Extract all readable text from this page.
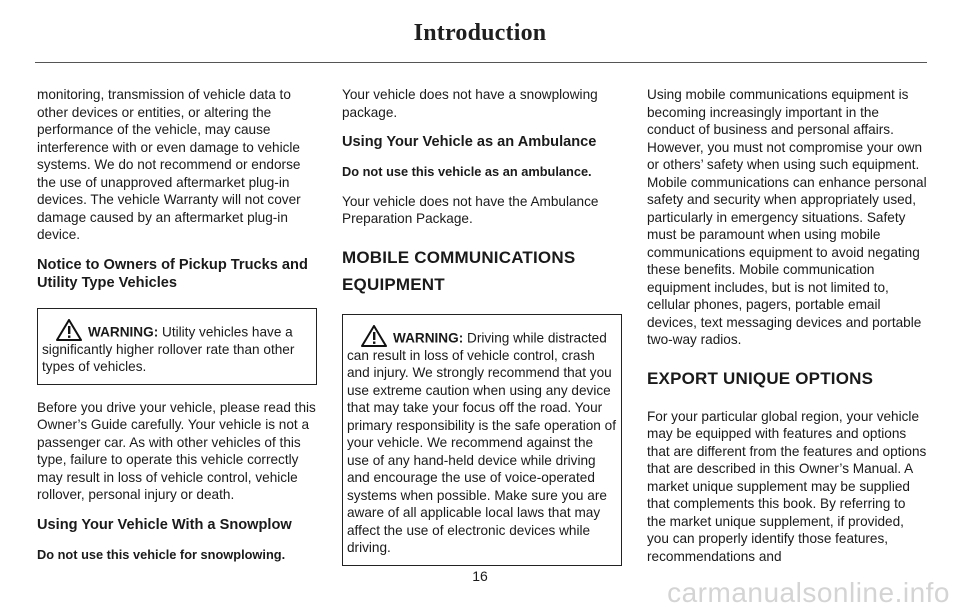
Introduction

monitoring, transmission of vehicle data to other devices or entities, or altering the performance of the vehicle, may cause interference with or even damage to vehicle systems. We do not recommend or endorse the use of unapproved aftermarket plug-in devices. The vehicle Warranty will not cover damage caused by an aftermarket plug-in device.

Notice to Owners of Pickup Trucks and Utility Type Vehicles
WARNING: Utility vehicles have a significantly higher rollover rate than other types of vehicles.

Before you drive your vehicle, please read this Owner’s Guide carefully. Your vehicle is not a passenger car. As with other vehicles of this type, failure to operate this vehicle correctly may result in loss of vehicle control, vehicle rollover, personal injury or death.

Using Your Vehicle With a Snowplow

Do not use this vehicle for snowplowing.

Your vehicle does not have a snowplowing package.

Using Your Vehicle as an Ambulance

Do not use this vehicle as an ambulance.

Your vehicle does not have the Ambulance Preparation Package.

MOBILE COMMUNICATIONS
EQUIPMENT
WARNING: Driving while distracted can result in loss of vehicle control, crash and injury. We strongly recommend that you use extreme caution when using any device that may take your focus off the road. Your primary responsibility is the safe operation of your vehicle. We recommend against the use of any hand-held device while driving and encourage the use of voice-operated systems when possible. Make sure you are aware of all applicable local laws that may affect the use of electronic devices while driving.

Using mobile communications equipment is becoming increasingly important in the conduct of business and personal affairs. However, you must not compromise your own or others’ safety when using such equipment. Mobile communications can enhance personal safety and security when appropriately used, particularly in emergency situations. Safety must be paramount when using mobile communications equipment to avoid negating these benefits. Mobile communication equipment includes, but is not limited to, cellular phones, pagers, portable email devices, text messaging devices and portable two-way radios.

EXPORT UNIQUE OPTIONS

For your particular global region, your vehicle may be equipped with features and options that are different from the features and options that are described in this Owner’s Manual. A market unique supplement may be supplied that complements this book. By referring to the market unique supplement, if provided, you can properly identify those features, recommendations and

16
carmanualsonline.info
